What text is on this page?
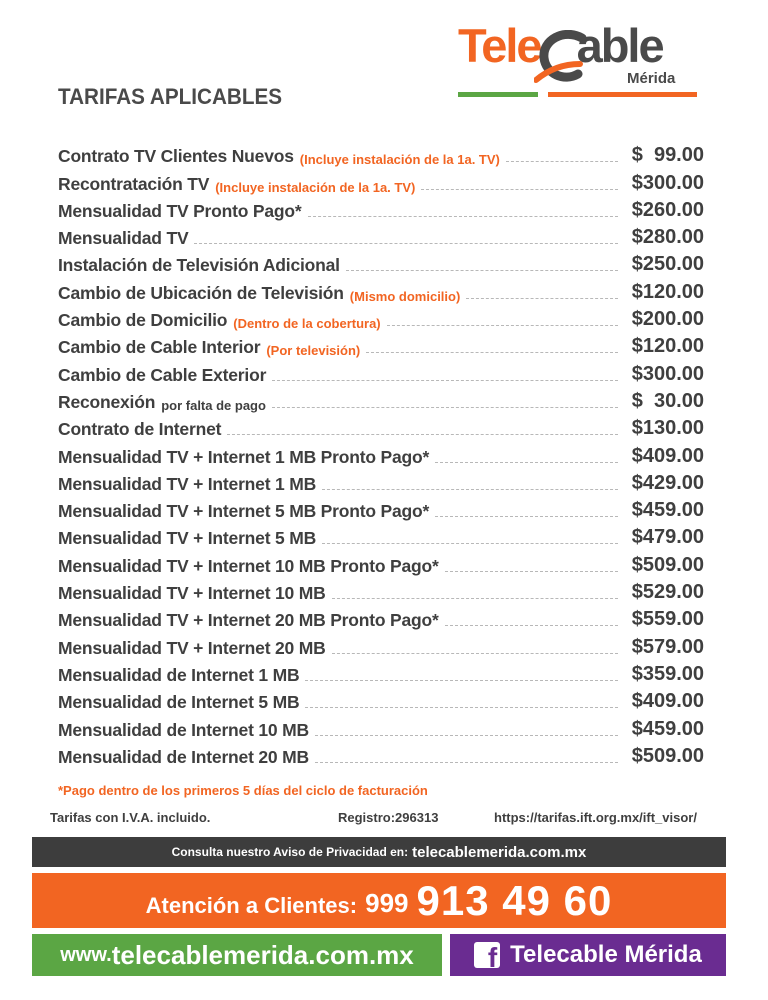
Tele able
Mérida
TARIFAS APLICABLES
Contrato TV Clientes Nuevos (Incluye instalación de la 1a. TV)	$  99.00
Recontratación TV (Incluye instalación de la 1a. TV)	$300.00
Mensualidad TV Pronto Pago*	$260.00
Mensualidad TV	$280.00
Instalación de Televisión Adicional	$250.00
Cambio de Ubicación de Televisión (Mismo domicilio)	$120.00
Cambio de Domicilio (Dentro de la cobertura)	$200.00
Cambio de Cable Interior (Por televisión)	$120.00
Cambio de Cable Exterior	$300.00
Reconexión por falta de pago	$  30.00
Contrato de Internet	$130.00
Mensualidad TV + Internet 1 MB Pronto Pago*	$409.00
Mensualidad TV + Internet 1 MB	$429.00
Mensualidad TV + Internet 5 MB Pronto Pago*	$459.00
Mensualidad TV + Internet 5 MB	$479.00
Mensualidad TV + Internet 10 MB Pronto Pago*	$509.00
Mensualidad TV + Internet 10 MB	$529.00
Mensualidad TV + Internet 20 MB Pronto Pago*	$559.00
Mensualidad TV + Internet 20 MB	$579.00
Mensualidad de Internet 1 MB	$359.00
Mensualidad de Internet 5 MB	$409.00
Mensualidad de Internet 10 MB	$459.00
Mensualidad de Internet 20 MB	$509.00
*Pago dentro de los primeros 5 días del ciclo de facturación
Tarifas con I.V.A. incluido.	Registro:296313	https://tarifas.ift.org.mx/ift_visor/
Consulta nuestro Aviso de Privacidad en: telecablemerida.com.mx
Atención a Clientes: 999 913 49 60
www. telecablemerida.com.mx	f Telecable Mérida
